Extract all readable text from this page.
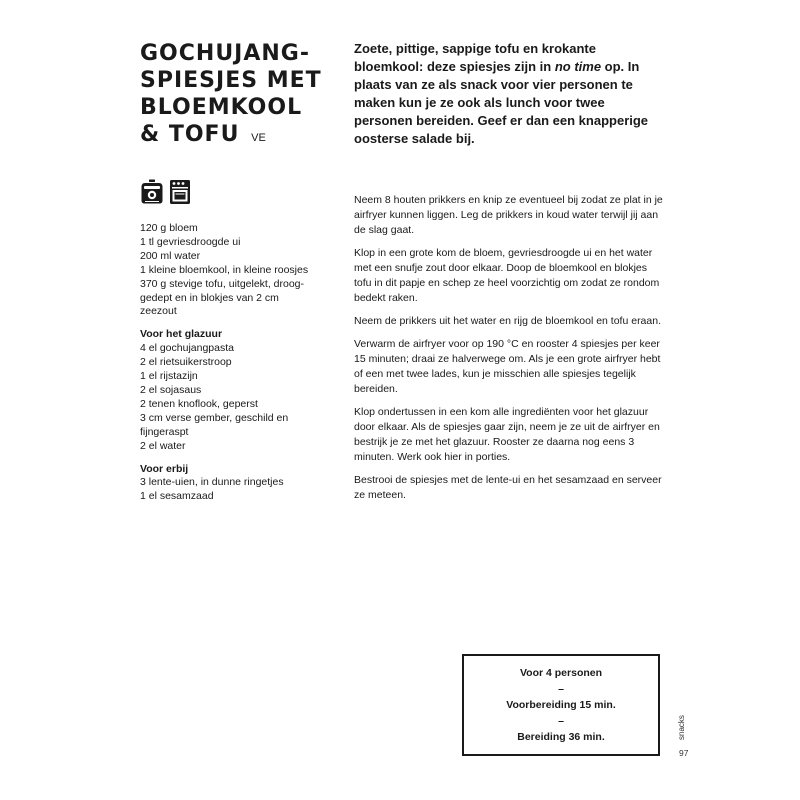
GOCHUJANG-SPIESJES MET BLOEMKOOL & TOFU VE

Zoete, pittige, sappige tofu en krokante bloemkool: deze spiesjes zijn in no time op. In plaats van ze als snack voor vier personen te maken kun je ze ook als lunch voor twee personen bereiden. Geef er dan een knapperige oosterse salade bij.

120 g bloem
1 tl gevriesdroogde ui
200 ml water
1 kleine bloemkool, in kleine roosjes
370 g stevige tofu, uitgelekt, droog-gedept en in blokjes van 2 cm
zeezout

Voor het glazuur

4 el gochujangpasta
2 el rietsuikerstroop
1 el rijstazijn
2 el sojasaus
2 tenen knoflook, geperst
3 cm verse gember, geschild en fijngeraspt
2 el water

Voor erbij

3 lente-uien, in dunne ringetjes
1 el sesamzaad

Neem 8 houten prikkers en knip ze eventueel bij zodat ze plat in je airfryer kunnen liggen. Leg de prikkers in koud water terwijl jij aan de slag gaat.

Klop in een grote kom de bloem, gevriesdroogde ui en het water met een snufje zout door elkaar. Doop de bloemkool en blokjes tofu in dit papje en schep ze heel voorzichtig om zodat ze rondom bedekt raken.

Neem de prikkers uit het water en rijg de bloemkool en tofu eraan.

Verwarm de airfryer voor op 190 °C en rooster 4 spiesjes per keer 15 minuten; draai ze halverwege om. Als je een grote airfryer hebt of een met twee lades, kun je misschien alle spiesjes tegelijk bereiden.

Klop ondertussen in een kom alle ingrediënten voor het glazuur door elkaar. Als de spiesjes gaar zijn, neem je ze uit de airfryer en bestrijk je ze met het glazuur. Rooster ze daarna nog eens 3 minuten. Werk ook hier in porties.

Bestrooi de spiesjes met de lente-ui en het sesamzaad en serveer ze meteen.

Voor 4 personen
–
Voorbereiding 15 min.
–
Bereiding 36 min.	snacks
97
